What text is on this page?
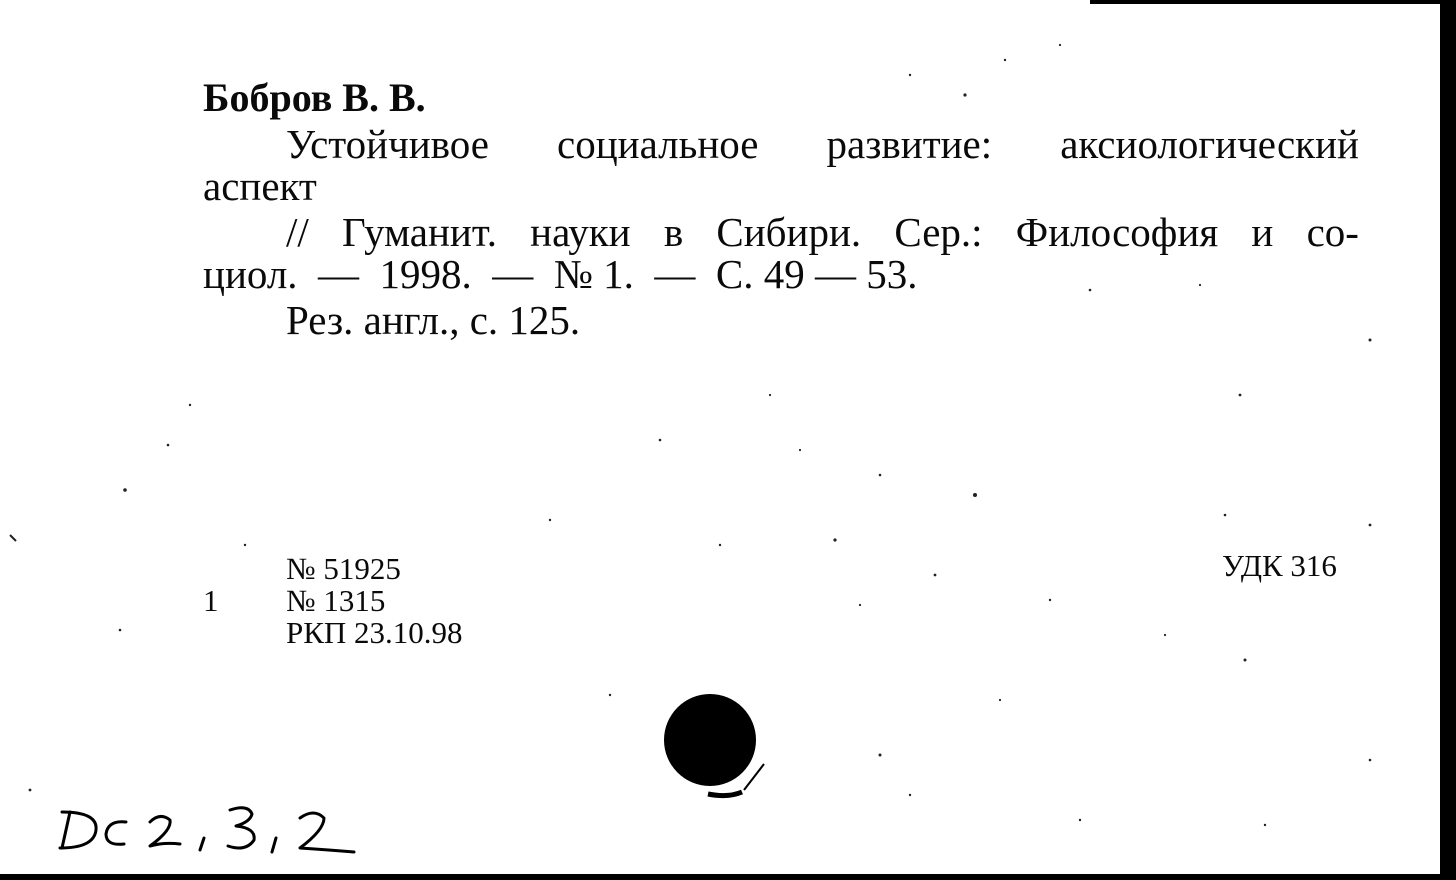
Бобров В. В.
Устойчивое социальное развитие: аксиологический
аспект
// Гуманит. науки в Сибири. Сер.: Философия и со-
циол.  —  1998.  —  № 1.  —  С. 49 — 53.
Рез. англ., с. 125.
№ 51925
1 № 1315
РКП 23.10.98
УДК 316
